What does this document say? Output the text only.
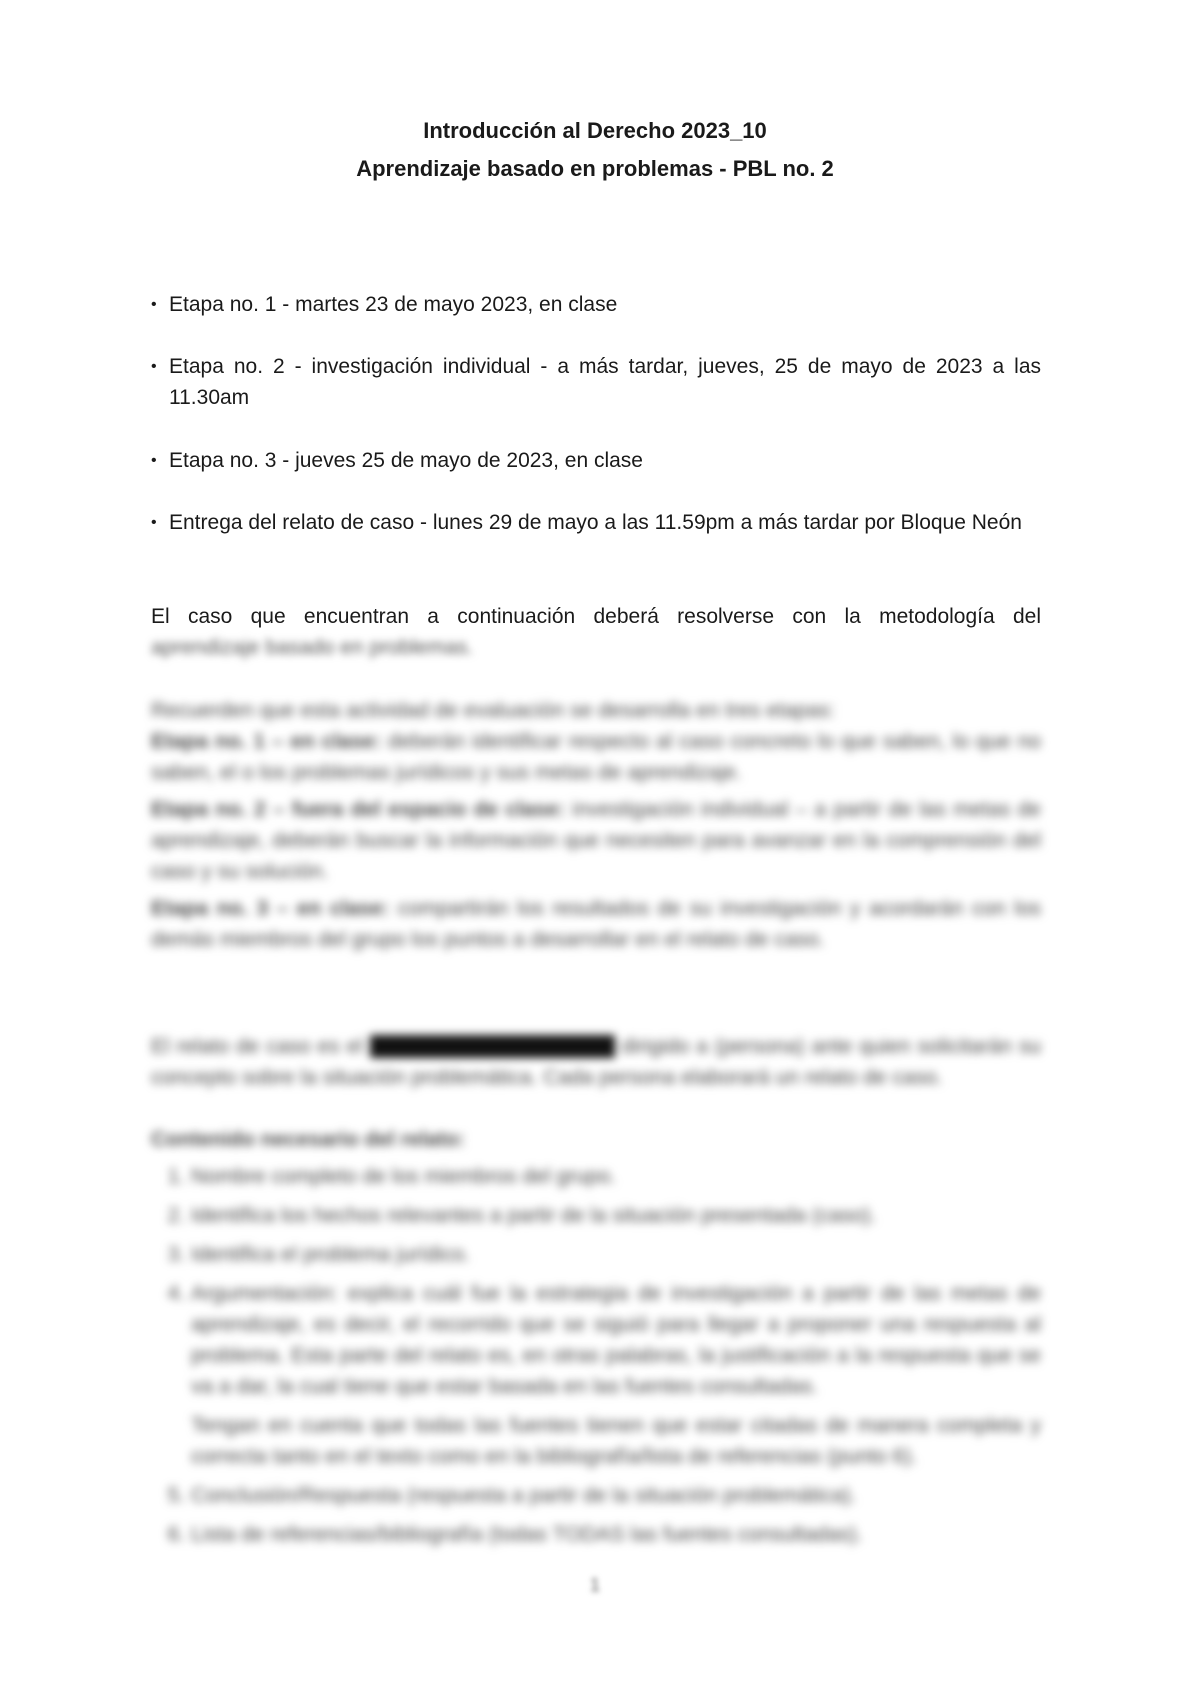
Introducción al Derecho 2023_10
Aprendizaje basado en problemas - PBL no. 2
• Etapa no. 1 - martes 23 de mayo 2023, en clase
• Etapa no. 2 - investigación individual - a más tardar, jueves, 25 de mayo de 2023 a las 11.30am
• Etapa no. 3 - jueves 25 de mayo de 2023, en clase
• Entrega del relato de caso - lunes 29 de mayo a las 11.59pm a más tardar por Bloque Neón
El caso que encuentran a continuación deberá resolverse con la metodología del
aprendizaje basado en problemas.
Recuerden que esta actividad de evaluación se desarrolla en tres etapas:
Etapa no. 1 – en clase: deberán identificar respecto al caso concreto lo que saben, lo que no saben, el o los problemas jurídicos y sus metas de aprendizaje.
Etapa no. 2 – fuera del espacio de clase: investigación individual – a partir de las metas de aprendizaje, deberán buscar la información que necesiten para avanzar en la comprensión del caso y su solución.
Etapa no. 3 – en clase: compartirán los resultados de su investigación y acordarán con los demás miembros del grupo los puntos a desarrollar en el relato de caso.
El relato de caso es el texto argumentativo breve dirigido a (persona) ante quien solicitarán su concepto sobre la situación problemática. Cada persona elaborará un relato de caso.
Contenido necesario del relato:
1. Nombre completo de los miembros del grupo.
2. Identifica los hechos relevantes a partir de la situación presentada (caso).
3. Identifica el problema jurídico.
4. Argumentación: explica cuál fue la estrategia de investigación a partir de las metas de aprendizaje, es decir, el recorrido que se siguió para llegar a proponer una respuesta al problema. Esta parte del relato es, en otras palabras, la justificación a la respuesta que se va a dar, la cual tiene que estar basada en las fuentes consultadas.
Tengan en cuenta que todas las fuentes tienen que estar citadas de manera completa y correcta tanto en el texto como en la bibliografía/lista de referencias (punto 6).
5. Conclusión/Respuesta (respuesta a partir de la situación problemática).
6. Lista de referencias/bibliografía (todas TODAS las fuentes consultadas).
1
